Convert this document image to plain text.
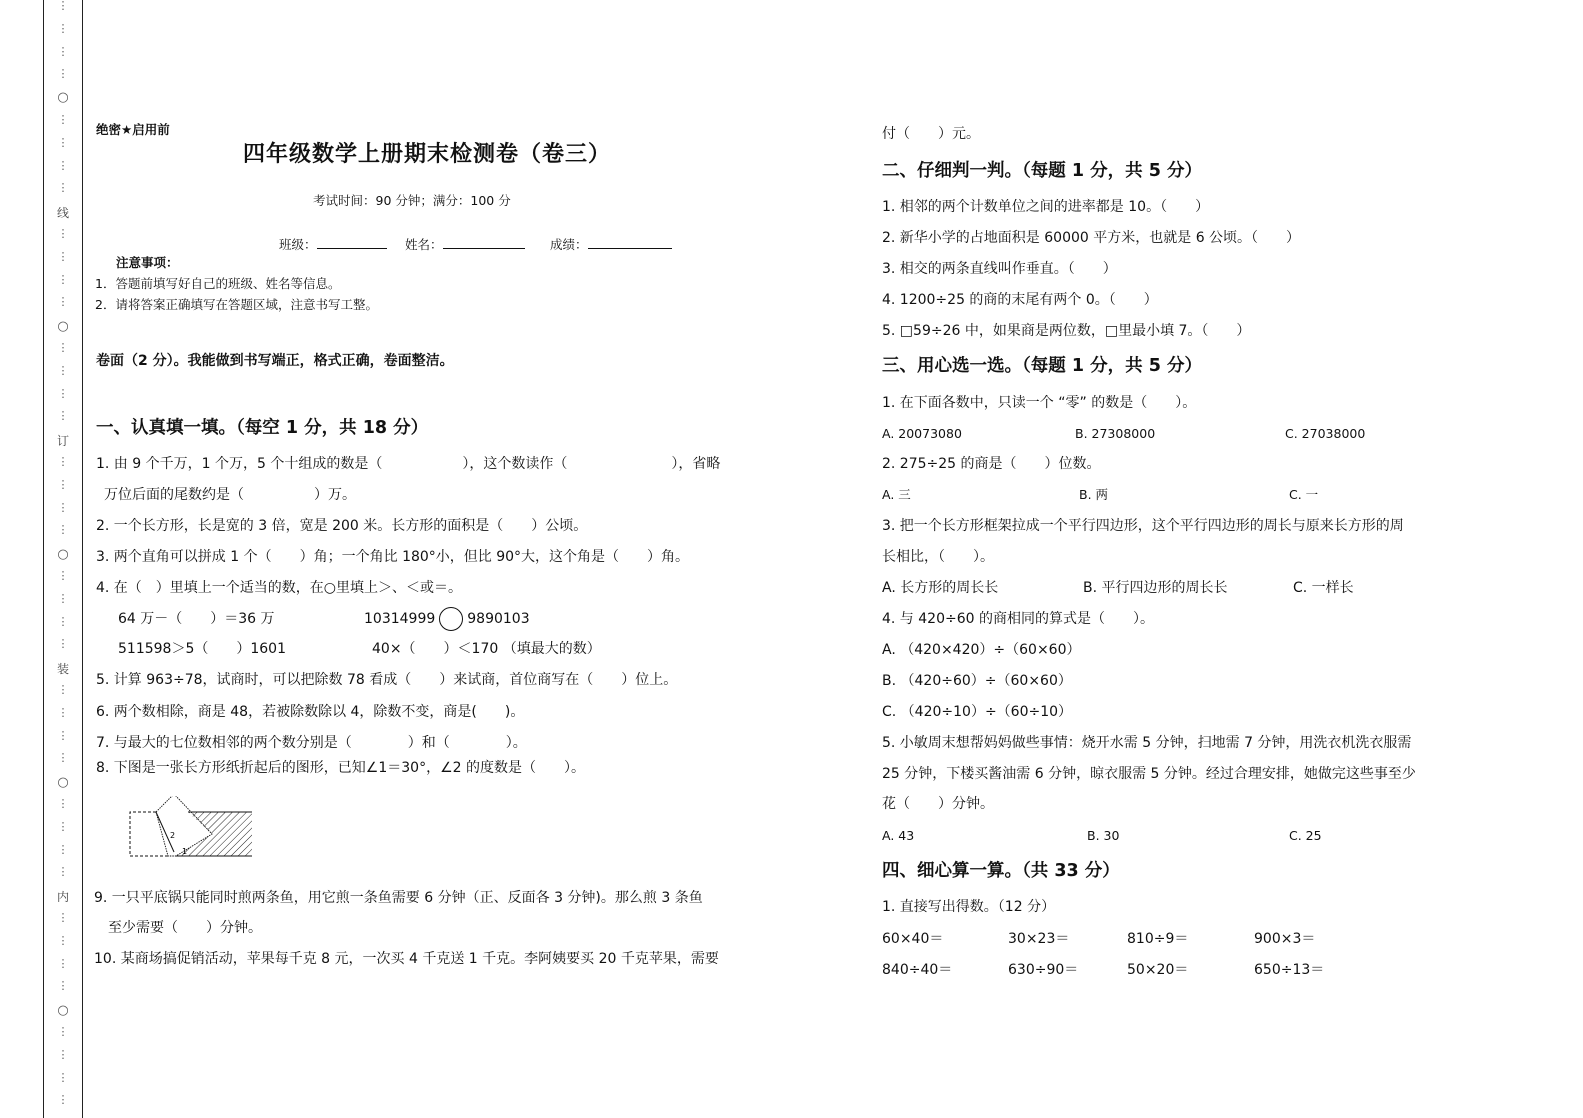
⋮
⋮
⋮
⋮
⋮
⋮
⋮
⋮
⋮
⋮
⋮
⋮
⋮
⋮
⋮
⋮
⋮
⋮
⋮
⋮
⋮
⋮
⋮
⋮
⋮
⋮
⋮
⋮
⋮
⋮
⋮
⋮
⋮
⋮
⋮
⋮
⋮
⋮
⋮
⋮
○
○
○
○
○
线
订
装
内
绝密★启用前
四年级数学上册期末检测卷（卷三）
考试时间：90 分钟；满分：100 分
班级：	姓名：	成绩：
注意事项：
1．答题前填写好自己的班级、姓名等信息。
2．请将答案正确填写在答题区域，注意书写工整。
卷面（2 分）。我能做到书写端正，格式正确，卷面整洁。
一、认真填一填。（每空 1 分，共 18 分）
1. 由 9 个千万，1 个万，5 个十组成的数是（	），这个数读作（	），省略
万位后面的尾数约是（　　　　　）万。
2. 一个长方形，长是宽的 3 倍，宽是 200 米。长方形的面积是（　　）公顷。
3. 两个直角可以拼成 1 个（　　）角；一个角比 180°小，但比 90°大，这个角是（　　）角。
4. 在（　）里填上一个适当的数，在○里填上＞、＜或＝。
64 万－（　　）＝36 万	10314999 9890103
511598＞5（　　）1601	40×（　　）＜170 （填最大的数）
5. 计算 963÷78，试商时，可以把除数 78 看成（　　）来试商，首位商写在（　　）位上。
6. 两个数相除，商是 48，若被除数除以 4，除数不变，商是(　　)。
7. 与最大的七位数相邻的两个数分别是（　　　　）和（　　　　）。
8. 下图是一张长方形纸折起后的图形，已知∠1＝30°，∠2 的度数是（　　）。
2
1
9. 一只平底锅只能同时煎两条鱼，用它煎一条鱼需要 6 分钟（正、反面各 3 分钟)。那么煎 3 条鱼
至少需要（　　）分钟。
10. 某商场搞促销活动，苹果每千克 8 元，一次买 4 千克送 1 千克。李阿姨要买 20 千克苹果，需要
付（　　）元。
二、仔细判一判。（每题 1 分，共 5 分）
1. 相邻的两个计数单位之间的进率都是 10。（　　）
2. 新华小学的占地面积是 60000 平方米，也就是 6 公顷。（　　）
3. 相交的两条直线叫作垂直。（　　）
4. 1200÷25 的商的末尾有两个 0。（　　）
5. □59÷26 中，如果商是两位数，□里最小填 7。（　　）
三、用心选一选。（每题 1 分，共 5 分）
1. 在下面各数中，只读一个 “零” 的数是（　　）。
A. 20073080	B. 27308000	C. 27038000
2. 275÷25 的商是（　　）位数。
A. 三	B. 两	C. 一
3. 把一个长方形框架拉成一个平行四边形，这个平行四边形的周长与原来长方形的周
长相比，（　　）。
A. 长方形的周长长	B. 平行四边形的周长长	C. 一样长
4. 与 420÷60 的商相同的算式是（　　）。
A. （420×420）÷（60×60）
B. （420÷60）÷（60×60）
C. （420÷10）÷（60÷10）
5. 小敏周末想帮妈妈做些事情：烧开水需 5 分钟，扫地需 7 分钟，用洗衣机洗衣服需
25 分钟，下楼买酱油需 6 分钟，晾衣服需 5 分钟。经过合理安排，她做完这些事至少
花（　　）分钟。
A. 43	B. 30	C. 25
四、细心算一算。（共 33 分）
1. 直接写出得数。（12 分）
60×40＝	30×23＝	810÷9＝	900×3＝
840÷40＝	630÷90＝	50×20＝	650÷13＝
